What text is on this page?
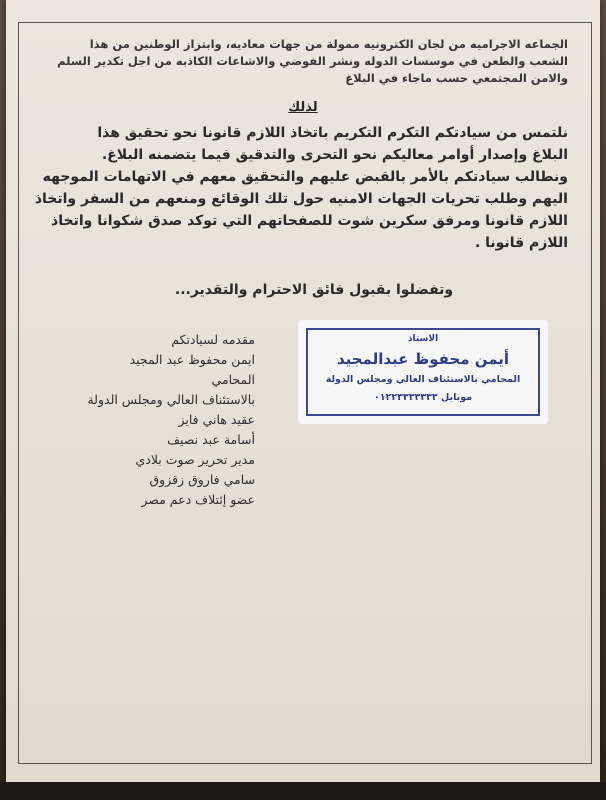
الجماعه الاجراميه من لجان الكترونيه ممولة من جهات معاديه، وابتزاز الوطنين من هذا
الشعب والطعن في موسسات الدوله ونشر الفوضي والاشاعات الكاذبه من اجل تكدير السلم
والامن المجتمعي حسب ماجاء في البلاغ
لذلك
نلتمس من سيادتكم التكرم التكريم باتخاذ اللازم قانونا نحو تحقيق هذا
البلاغ وإصدار أوامر معاليكم نحو التحرى والتدقيق فيما يتضمنه البلاغ.
ونطالب سيادتكم بالأمر بالقبض عليهم والتحقيق معهم في الاتهامات الموجهه
اليهم وطلب تحريات الجهات الامنيه حول تلك الوقائع ومنعهم من السفر واتخاذ
اللازم قانونا ومرفق سكرين شوت للصفحاتهم التي توكد صدق شكوانا واتخاذ
اللازم قانونا .
وتفضلوا بقبول فائق الاحترام والتقدير...
مقدمه لسيادتكم
ايمن محفوظ عبد المجيد
المحامي
بالاستئناف العالي ومجلس الدولة
عقيد هاني فايز
أسامة عبد نصيف
مدير تحرير صوت بلادي
سامي فاروق زقزوق
عضو إئتلاف دعم مصر
الاستاذ
أيمن محفوظ عبدالمجيد
المحامي بالاستئناف العالي ومجلس الدولة
موبايل ٠١٢٢٣٣٣٣٣٣٣
